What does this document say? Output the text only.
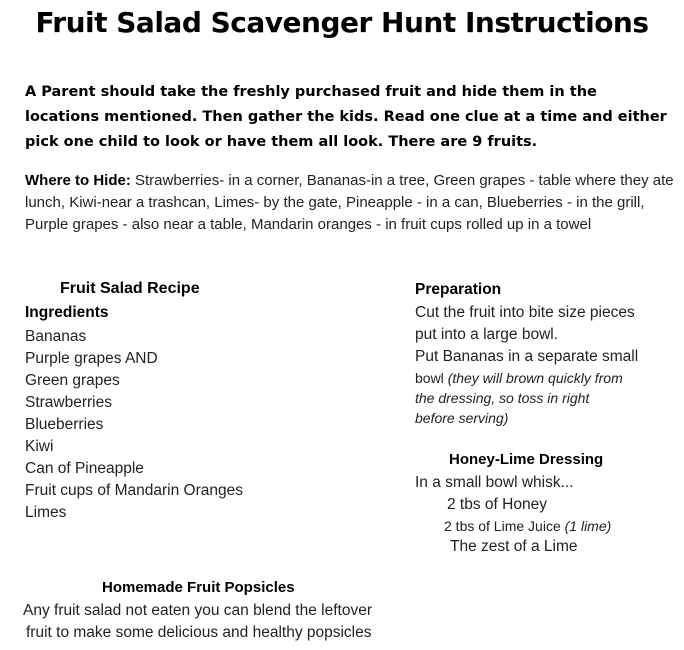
Fruit Salad Scavenger Hunt Instructions
A Parent should take the freshly purchased fruit and hide them in the locations mentioned. Then gather the kids. Read one clue at a time and either pick one child to look or have them all look. There are 9 fruits.
Where to Hide: Strawberries- in a corner, Bananas-in a tree, Green grapes - table where they ate lunch, Kiwi-near a trashcan, Limes- by the gate, Pineapple - in a can, Blueberries - in the grill, Purple grapes - also near a table, Mandarin oranges - in fruit cups rolled up in a towel
Fruit Salad Recipe
Ingredients
Bananas
Purple grapes AND
Green grapes
Strawberries
Blueberries
Kiwi
Can of Pineapple
Fruit cups of Mandarin Oranges
Limes
Preparation
Cut the fruit into bite size pieces
put into a large bowl.
Put Bananas in a separate small
bowl (they will brown quickly from
the dressing, so toss in right
before serving)
Honey-Lime Dressing
In a small bowl whisk...
2 tbs of Honey
2 tbs of Lime Juice (1 lime)
The zest of a Lime
Homemade Fruit Popsicles
Any fruit salad not eaten you can blend the leftover
fruit to make some delicious and healthy popsicles
